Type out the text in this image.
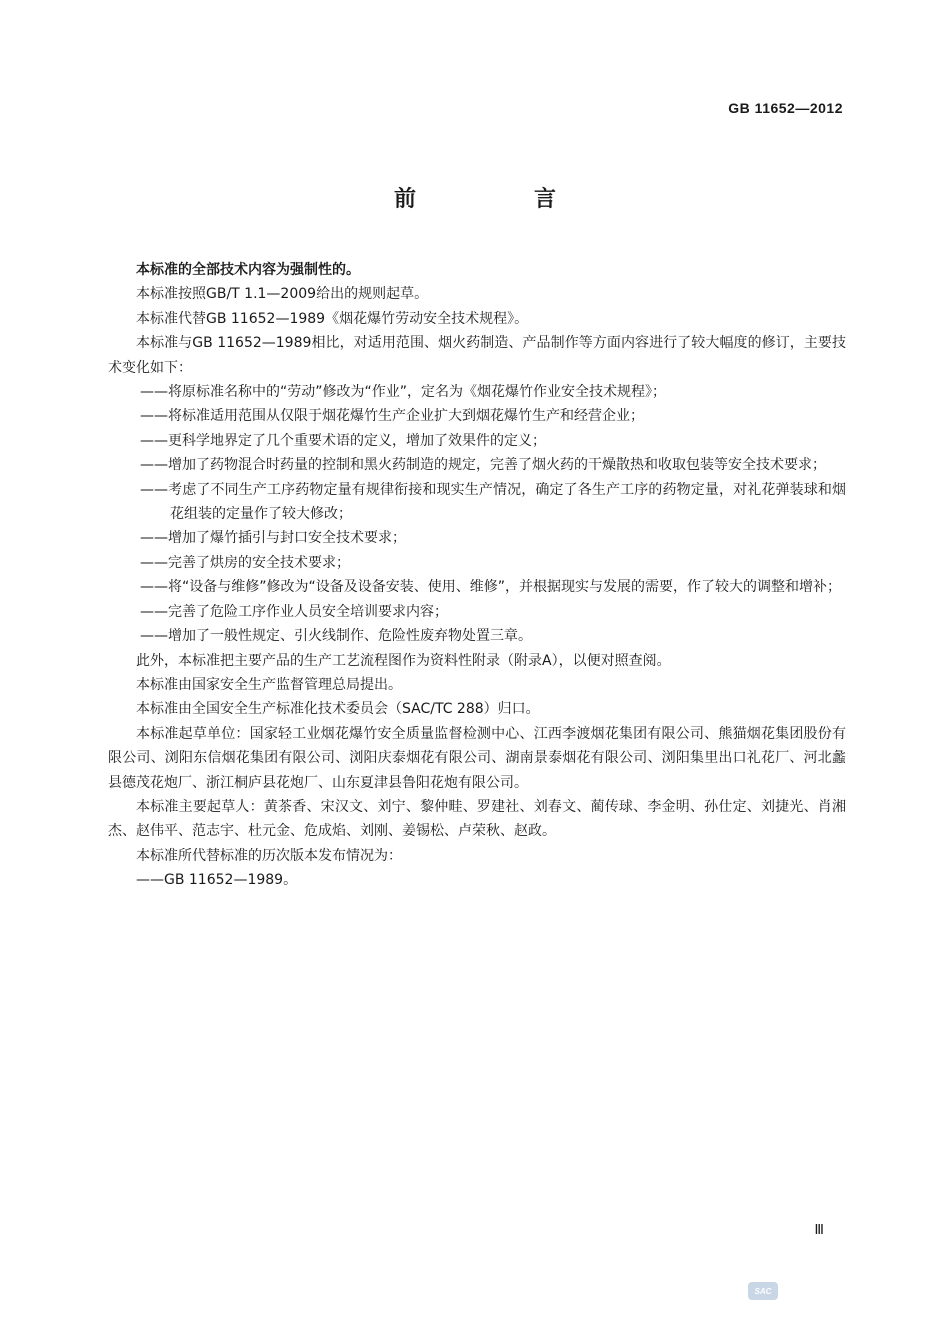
GB 11652—2012
前　言

本标准的全部技术内容为强制性的。

本标准按照GB/T 1.1—2009给出的规则起草。

本标准代替GB 11652—1989《烟花爆竹劳动安全技术规程》。

本标准与GB 11652—1989相比，对适用范围、烟火药制造、产品制作等方面内容进行了较大幅度的修订，主要技术变化如下：

——将原标准名称中的“劳动”修改为“作业”，定名为《烟花爆竹作业安全技术规程》；

——将标准适用范围从仅限于烟花爆竹生产企业扩大到烟花爆竹生产和经营企业；

——更科学地界定了几个重要术语的定义，增加了效果件的定义；

——增加了药物混合时药量的控制和黑火药制造的规定，完善了烟火药的干燥散热和收取包装等安全技术要求；

——考虑了不同生产工序药物定量有规律衔接和现实生产情况，确定了各生产工序的药物定量，对礼花弹装球和烟花组装的定量作了较大修改；

——增加了爆竹插引与封口安全技术要求；

——完善了烘房的安全技术要求；

——将“设备与维修”修改为“设备及设备安装、使用、维修”，并根据现实与发展的需要，作了较大的调整和增补；

——完善了危险工序作业人员安全培训要求内容；

——增加了一般性规定、引火线制作、危险性废弃物处置三章。

此外，本标准把主要产品的生产工艺流程图作为资料性附录（附录A），以便对照查阅。

本标准由国家安全生产监督管理总局提出。

本标准由全国安全生产标准化技术委员会（SAC/TC 288）归口。

本标准起草单位：国家轻工业烟花爆竹安全质量监督检测中心、江西李渡烟花集团有限公司、熊猫烟花集团股份有限公司、浏阳东信烟花集团有限公司、浏阳庆泰烟花有限公司、湖南景泰烟花有限公司、浏阳集里出口礼花厂、河北蠡县德茂花炮厂、浙江桐庐县花炮厂、山东夏津县鲁阳花炮有限公司。

本标准主要起草人：黄茶香、宋汉文、刘宁、黎仲畦、罗建社、刘春文、蔺传球、李金明、孙仕定、刘捷光、肖湘杰、赵伟平、范志宇、杜元金、危成焰、刘刚、姜锡松、卢荣秋、赵政。

本标准所代替标准的历次版本发布情况为：

——GB 11652—1989。

Ⅲ
SAC
